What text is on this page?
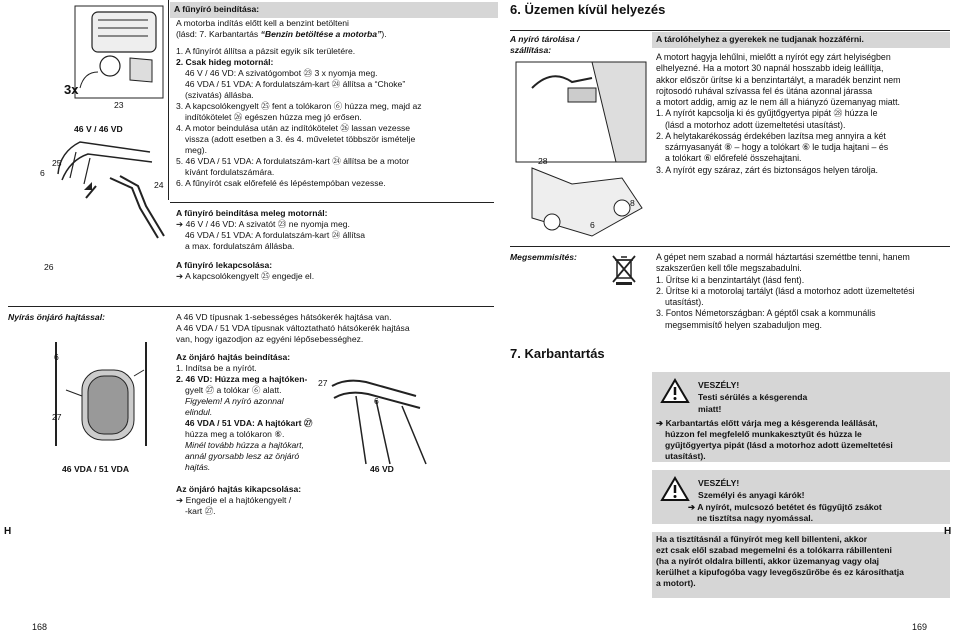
3x
46 V / 46 VD
6
23
25
24
26
6
27
46 VDA / 51 VDA
A fűnyíró beindítása:

A motorba indítás előtt kell a benzint betölteni

(lásd: 7. Karbantartás “Benzin betöltése a motorba”).

1. A fűnyírót állítsa a pázsit egyik sík területére.

2. Csak hideg motornál:

46 V / 46 VD: A szivatógombot ㉓ 3 x nyomja meg.

46 VDA / 51 VDA: A fordulatszám-kart ㉔ állítsa a “Choke”

(szivatás) állásba.

3. A kapcsolókengyelt ㉕ fent a tolókaron ⑥ húzza meg, majd az

indítókötelet ㉖ egészen húzza meg jó erősen.

4. A motor beindulása után az indítókötelet ㉖ lassan vezesse

vissza (adott esetben a 3. és 4. műveletet többször ismételje

meg).

5. 46 VDA / 51 VDA: A fordulatszám-kart ㉔ állítsa be a motor

kívánt fordulatszámára.

6. A fűnyírót csak előrefelé és lépéstempóban vezesse.

A fűnyíró beindítása meleg motornál:

➔ 46 V / 46 VD: A szivatót ㉓ ne nyomja meg.

46 VDA / 51 VDA: A fordulatszám-kart ㉔ állítsa

a max. fordulatszám állásba.

A fűnyíró lekapcsolása:

➔ A kapcsolókengyelt ㉕ engedje el.

Nyírás önjáró hajtással:	A 46 VD típusnak 1-sebességes hátsókerék hajtása van.

A 46 VDA / 51 VDA típusnak változtatható hátsókerék hajtása

van, hogy igazodjon az egyéni lépősebességhez.

Az önjáró hajtás beindítása:

1. Indítsa be a nyírót.

2. 46 VD: Húzza meg a hajtóken-

gyelt ㉗ a tolókar ⑥ alatt.

Figyelem! A nyíró azonnal

elindul.

46 VDA / 51 VDA: A hajtókart ㉗

húzza meg a tolókaron ⑥.

Minél tovább húzza a hajtókart,

annál gyorsabb lesz az önjáró

hajtás.

27
6
46 VD

Az önjáró hajtás kikapcsolása:

➔ Engedje el a hajtókengyelt /

-kart ㉗.

H
168
6. Üzemen kívül helyezés
A nyíró tárolása /
szállítása:
28
6
8
A tárolóhelyhez a gyerekek ne tudjanak hozzáférni.

A motort hagyja lehűlni, mielőtt a nyírót egy zárt helyiségben

elhelyezné. Ha a motort 30 napnál hosszabb ideig leállítja,

akkor először ürítse ki a benzintartályt, a maradék benzint nem

rojtosodó ruhával szívassa fel és ütána azonnal járassa

a motort addig, amig az le nem áll a hiányzó üzemanyag miatt.

1. A nyírót kapcsolja ki és gyűjtőgyertya pipát ㉘ húzza le

(lásd a motorhoz adott üzemeltetési utasítást).

2. A helytakarékosság érdekében lazítsa meg annyira a két

szárnyasanyát ⑧ – hogy a tolókart ⑥ le tudja hajtani – és

a tolókart ⑥ előrefelé összehajtani.

3. A nyírót egy száraz, zárt és biztonságos helyen tárolja.

Megsemmisítés:	A gépet nem szabad a normál háztartási szeméttbe tenni, hanem

szakszerűen kell tőle megszabadulni.

1. Ürítse ki a benzintartályt (lásd fent).

2. Ürítse ki a motorolaj tartályt (lásd a motorhoz adott üzemeltetési

utasítást).

3. Fontos Németországban: A géptől csak a kommunális

megsemmisítő helyen szabaduljon meg.

7. Karbantartás
VESZÉLY!
Testi sérülés a késgerenda
miatt!

➔ Karbantartás előtt várja meg a késgerenda leállását,

húzzon fel megfelelő munkakesztyűt és húzza le

gyűjtőgyertya pipát (lásd a motorhoz adott üzemeltetési

utasítást).

VESZÉLY!
Személyi és anyagi kárók!

➔ A nyírót, mulcsozó betétet és fűgyűjtő zsákot

ne tisztítsa nagy nyomással.

Ha a tisztításnál a fűnyírót meg kell billenteni, akkor

ezt csak elől szabad megemelni és a tolókarra rábillenteni

(ha a nyírót oldalra billenti, akkor üzemanyag vagy olaj

kerülhet a kipufogóba vagy levegőszűrőbe és ez károsíthatja

a motort).

H
169
